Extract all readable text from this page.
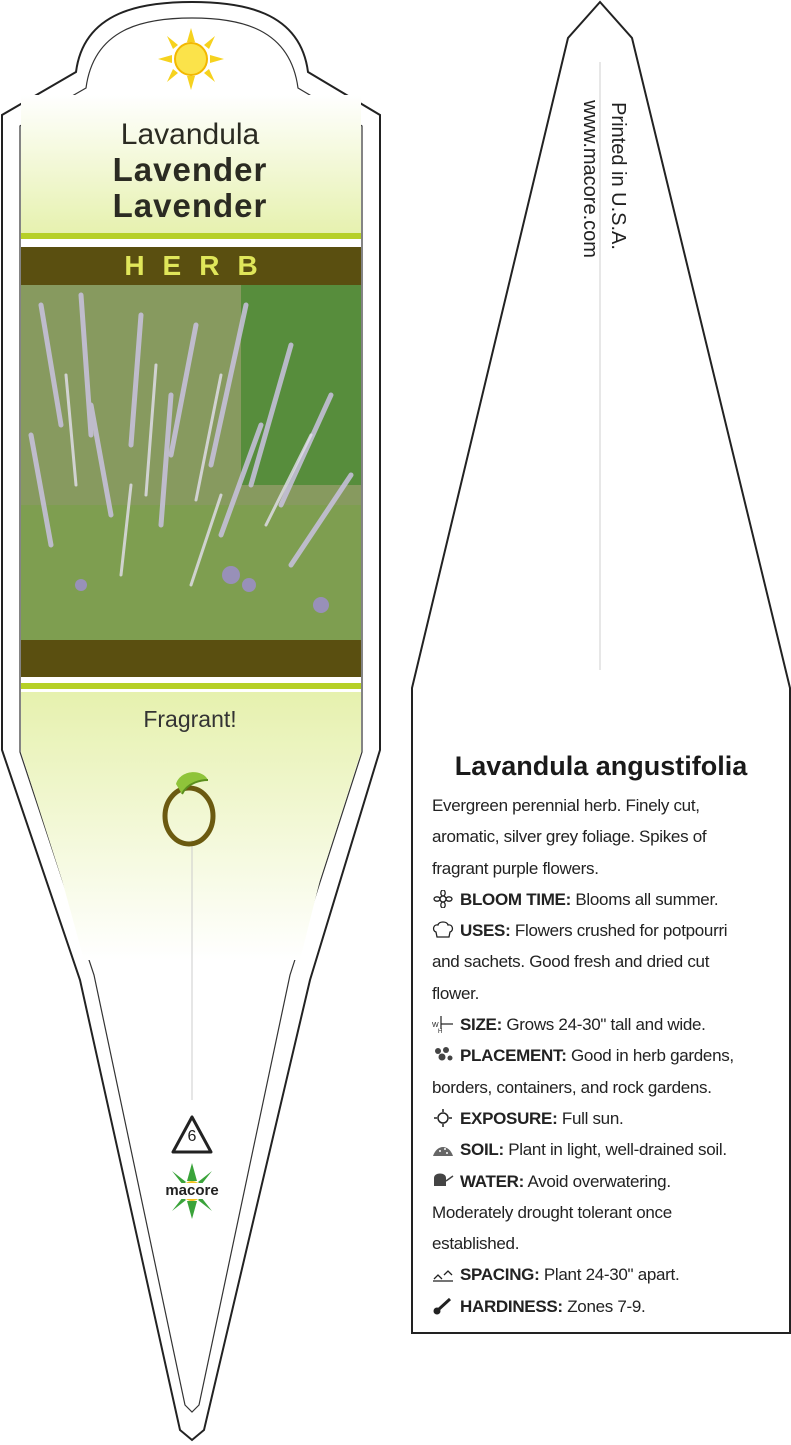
Lavandula
Lavender
Lavender
HERB
Fragrant!
6
macore
Printed in U.S.A.
www.macore.com
Lavandula angustifolia
Evergreen perennial herb. Finely cut,
aromatic, silver grey foliage. Spikes of
fragrant purple flowers.
BLOOM TIME: Blooms all summer.
USES: Flowers crushed for potpourri
and sachets. Good fresh and dried cut
flower.
W
H SIZE: Grows 24-30" tall and wide.
PLACEMENT: Good in herb gardens,
borders, containers, and rock gardens.
EXPOSURE: Full sun.
SOIL: Plant in light, well-drained soil.
WATER: Avoid overwatering.
Moderately drought tolerant once
established.
SPACING: Plant 24-30" apart.
HARDINESS: Zones 7-9.
